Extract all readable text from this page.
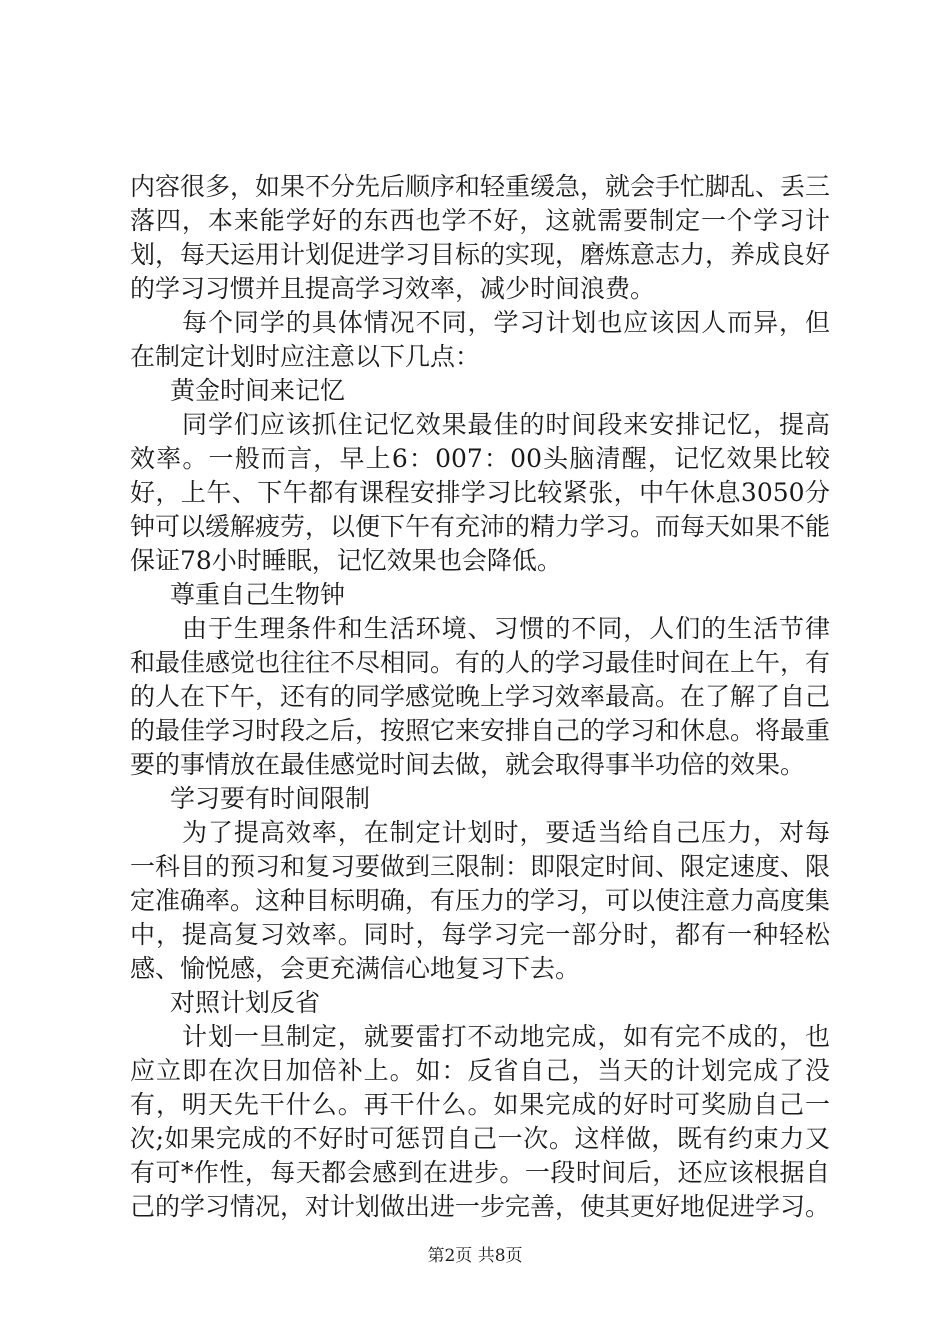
内容很多，如果不分先后顺序和轻重缓急，就会手忙脚乱、丢三落四，本来能学好的东西也学不好，这就需要制定一个学习计划，每天运用计划促进学习目标的实现，磨炼意志力，养成良好的学习习惯并且提高学习效率，减少时间浪费。

每个同学的具体情况不同，学习计划也应该因人而异，但在制定计划时应注意以下几点：

黄金时间来记忆

同学们应该抓住记忆效果最佳的时间段来安排记忆，提高效率。一般而言，早上6：007：00头脑清醒，记忆效果比较好，上午、下午都有课程安排学习比较紧张，中午休息3050分钟可以缓解疲劳，以便下午有充沛的精力学习。而每天如果不能保证78小时睡眠，记忆效果也会降低。

尊重自己生物钟

由于生理条件和生活环境、习惯的不同，人们的生活节律和最佳感觉也往往不尽相同。有的人的学习最佳时间在上午，有的人在下午，还有的同学感觉晚上学习效率最高。在了解了自己的最佳学习时段之后，按照它来安排自己的学习和休息。将最重要的事情放在最佳感觉时间去做，就会取得事半功倍的效果。

学习要有时间限制

为了提高效率，在制定计划时，要适当给自己压力，对每一科目的预习和复习要做到三限制：即限定时间、限定速度、限定准确率。这种目标明确，有压力的学习，可以使注意力高度集中，提高复习效率。同时，每学习完一部分时，都有一种轻松感、愉悦感，会更充满信心地复习下去。

对照计划反省

计划一旦制定，就要雷打不动地完成，如有完不成的，也应立即在次日加倍补上。如：反省自己，当天的计划完成了没有，明天先干什么。再干什么。如果完成的好时可奖励自己一次;如果完成的不好时可惩罚自己一次。这样做，既有约束力又有可*作性，每天都会感到在进步。一段时间后，还应该根据自己的学习情况，对计划做出进一步完善，使其更好地促进学习。

第2页 共8页
